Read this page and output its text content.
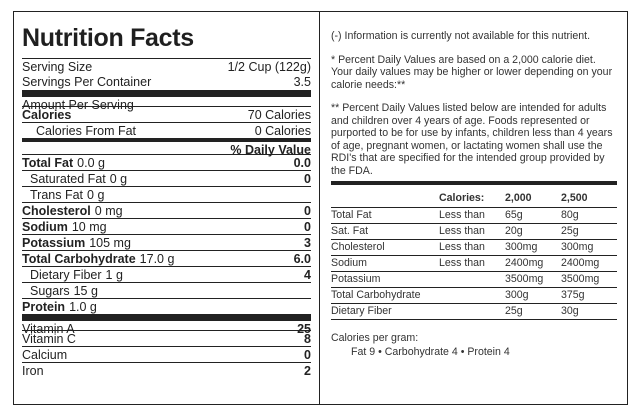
Nutrition Facts
Serving Size	1/2 Cup (122g)
Servings Per Container	3.5
Amount Per Serving
Calories	70 Calories
Calories From Fat	0 Calories
% Daily Value
Total Fat 0.0 g	0.0
Saturated Fat 0 g	0
Trans Fat 0 g
Cholesterol 0 mg	0
Sodium 10 mg	0
Potassium 105 mg	3
Total Carbohydrate 17.0 g	6.0
Dietary Fiber 1 g	4
Sugars 15 g
Protein 1.0 g
Vitamin A	25
Vitamin C	8
Calcium	0
Iron	2

(-) Information is currently not available for this nutrient.

* Percent Daily Values are based on a 2,000 calorie diet. Your daily values may be higher or lower depending on your calorie needs:**

** Percent Daily Values listed below are intended for adults and children over 4 years of age. Foods represented or purported to be for use by infants, children less than 4 years of age, pregnant women, or lactating women shall use the RDI's that are specified for the intended group provided by the FDA.

	Calories:	2,000	2,500
Total Fat	Less than	65g	80g
Sat. Fat	Less than	20g	25g
Cholesterol	Less than	300mg	300mg
Sodium	Less than	2400mg	2400mg
Potassium		3500mg	3500mg
Total Carbohydrate		300g	375g
Dietary Fiber		25g	30g

Calories per gram:

Fat 9 • Carbohydrate 4 • Protein 4
